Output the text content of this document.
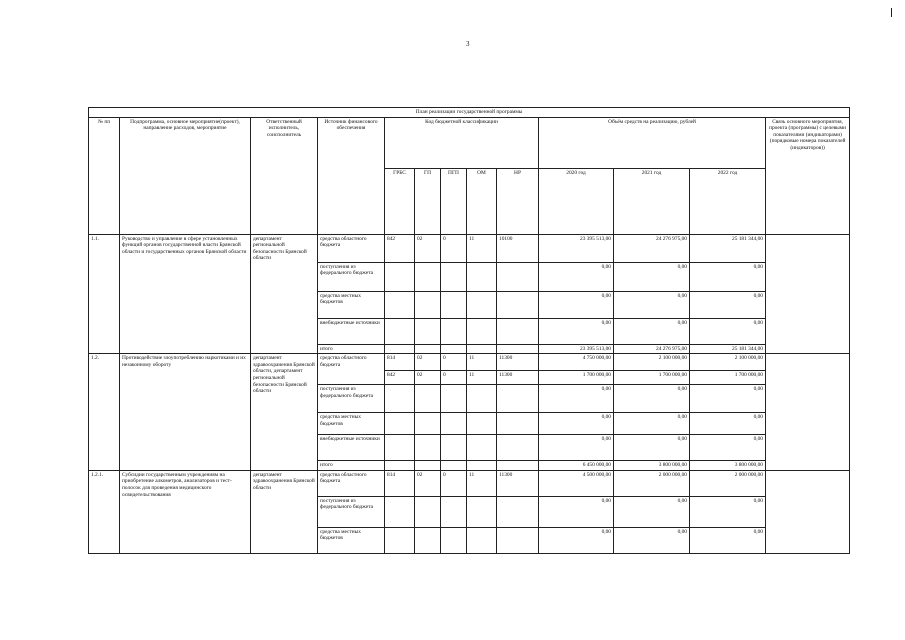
3
План реализации государственной программы												
№ пп	Подпрограмма, основное мероприятие(проект), направление расходов, мероприятие	Ответственный исполнитель, соисполнитель	Источник финансового обеспечения	Код бюджетной классификации					Объём средств на реализацию, рублей			Связь основного мероприятия, проекта (программы) с целевыми показателями (индикаторами) (порядковые номера показателей (индикаторов))
				ГРБС	ГП	ПГП	ОМ	НР	2020 год	2021 год	2022 год	
1.1.	Руководство и управление в сфере установленных функций органов государственной власти Брянской области и государственных органов Брянской области	департамент региональной безопасности Брянской области	средства областного бюджета	842	02	0	11	10100	23 395 513,00	24 276 975,00	25 181 344,00	
			поступления из федерального бюджета						0,00	0,00	0,00	
			средства местных бюджетов						0,00	0,00	0,00	
			внебюджетные источники						0,00	0,00	0,00	
			итого						23 395 513,00	24 276 975,00	25 181 344,00	
1.2.	Противодействие злоупотреблению наркотиками и их незаконному обороту	департамент здравоохранения Брянской области, департамент региональной безопасности Брянской области	средства областного бюджета	814	02	0	11	11300	4 750 000,00	2 100 000,00	2 100 000,00	
				842	02	0	11	11300	1 700 000,00	1 700 000,00	1 700 000,00	
			поступления из федерального бюджета						0,00	0,00	0,00	
			средства местных бюджетов						0,00	0,00	0,00	
			внебюджетные источники						0,00	0,00	0,00	
			итого						6 450 000,00	3 800 000,00	3 800 000,00	
1.2.1.	Субсидии государственным учреждениям на приобретение алкометров, анализаторов и тест-полосок для проведения медицинского освидетельствования	департамент здравоохранения Брянской области	средства областного бюджета	814	02	0	11	11300	4 500 000,00	2 000 000,00	2 000 000,00	
			поступления из федерального бюджета						0,00	0,00	0,00	
			средства местных бюджетов						0,00	0,00	0,00	
